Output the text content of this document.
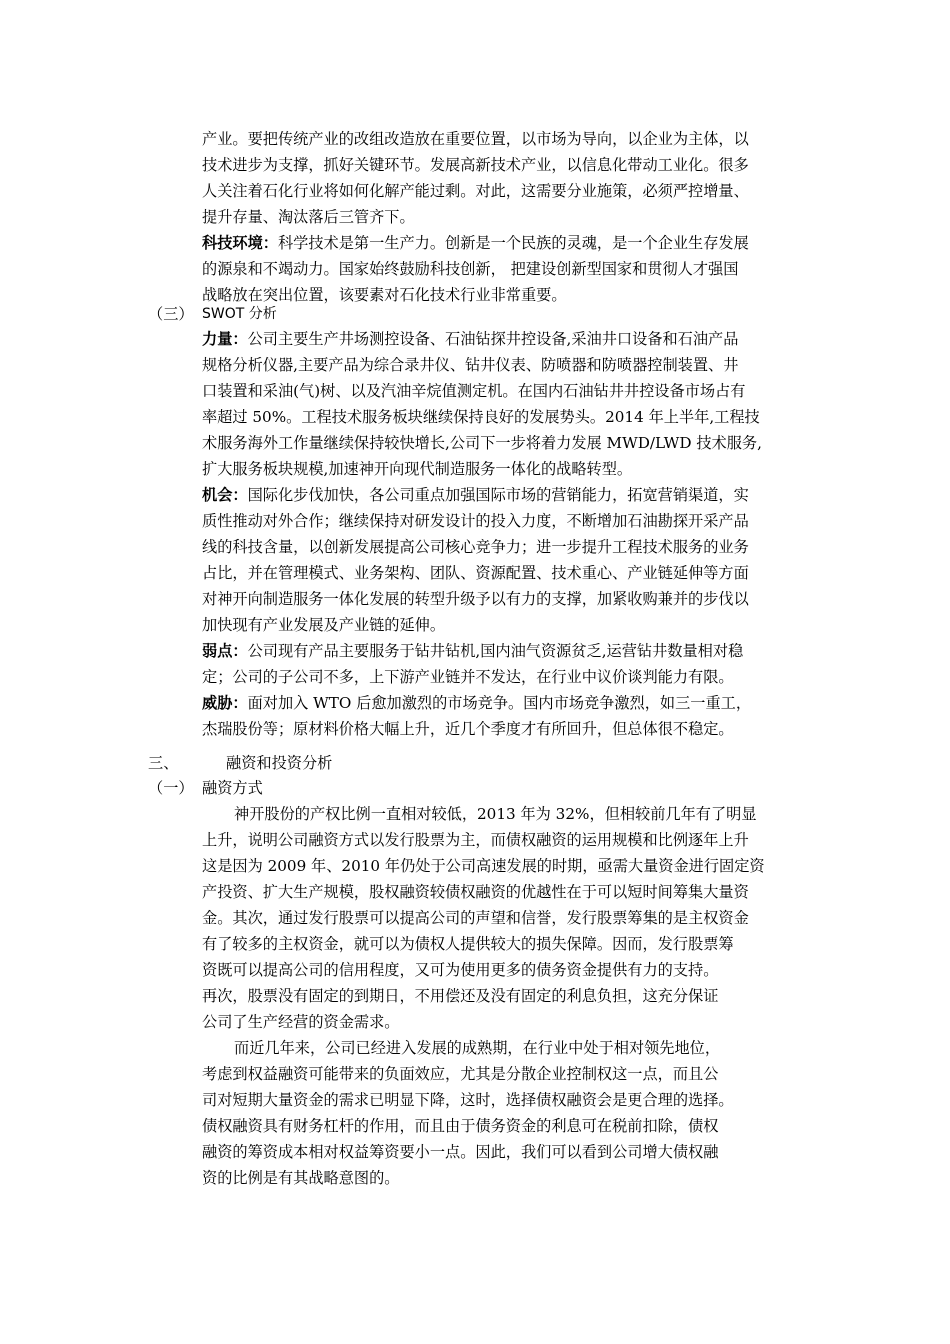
产业。要把传统产业的改组改造放在重要位置，以市场为导向，以企业为主体，以
技术进步为支撑，抓好关键环节。发展高新技术产业，以信息化带动工业化。很多
人关注着石化行业将如何化解产能过剩。对此，这需要分业施策，必须严控增量、
提升存量、淘汰落后三管齐下。
科技环境：科学技术是第一生产力。创新是一个民族的灵魂，是一个企业生存发展
的源泉和不竭动力。国家始终鼓励科技创新， 把建设创新型国家和贯彻人才强国
战略放在突出位置，该要素对石化技术行业非常重要。
（三） SWOT 分析
力量：公司主要生产井场测控设备、石油钻探井控设备,采油井口设备和石油产品
规格分析仪器,主要产品为综合录井仪、钻井仪表、防喷器和防喷器控制装置、井
口装置和采油(气)树、以及汽油辛烷值测定机。在国内石油钻井井控设备市场占有
率超过 50%。工程技术服务板块继续保持良好的发展势头。2014 年上半年,工程技
术服务海外工作量继续保持较快增长,公司下一步将着力发展 MWD/LWD 技术服务,
扩大服务板块规模,加速神开向现代制造服务一体化的战略转型。
机会：国际化步伐加快，各公司重点加强国际市场的营销能力，拓宽营销渠道，实
质性推动对外合作；继续保持对研发设计的投入力度，不断增加石油勘探开采产品
线的科技含量，以创新发展提高公司核心竞争力；进一步提升工程技术服务的业务
占比，并在管理模式、业务架构、团队、资源配置、技术重心、产业链延伸等方面
对神开向制造服务一体化发展的转型升级予以有力的支撑，加紧收购兼并的步伐以
加快现有产业发展及产业链的延伸。
弱点：公司现有产品主要服务于钻井钻机,国内油气资源贫乏,运营钻井数量相对稳
定；公司的子公司不多，上下游产业链并不发达，在行业中议价谈判能力有限。
威胁：面对加入 WTO 后愈加激烈的市场竞争。国内市场竞争激烈，如三一重工，
杰瑞股份等；原材料价格大幅上升，近几个季度才有所回升，但总体很不稳定。
三、	融资和投资分析
（一） 融资方式
神开股份的产权比例一直相对较低，2013 年为 32%，但相较前几年有了明显
上升，说明公司融资方式以发行股票为主，而债权融资的运用规模和比例逐年上升
这是因为 2009 年、2010 年仍处于公司高速发展的时期，亟需大量资金进行固定资
产投资、扩大生产规模，股权融资较债权融资的优越性在于可以短时间筹集大量资
金。其次，通过发行股票可以提高公司的声望和信誉，发行股票筹集的是主权资金
有了较多的主权资金，就可以为债权人提供较大的损失保障。因而，发行股票筹
资既可以提高公司的信用程度，又可为使用更多的债务资金提供有力的支持。
再次，股票没有固定的到期日，不用偿还及没有固定的利息负担，这充分保证
公司了生产经营的资金需求。
而近几年来，公司已经进入发展的成熟期，在行业中处于相对领先地位，
考虑到权益融资可能带来的负面效应，尤其是分散企业控制权这一点，而且公
司对短期大量资金的需求已明显下降，这时，选择债权融资会是更合理的选择。
债权融资具有财务杠杆的作用，而且由于债务资金的利息可在税前扣除，债权
融资的筹资成本相对权益筹资要小一点。因此，我们可以看到公司增大债权融
资的比例是有其战略意图的。
